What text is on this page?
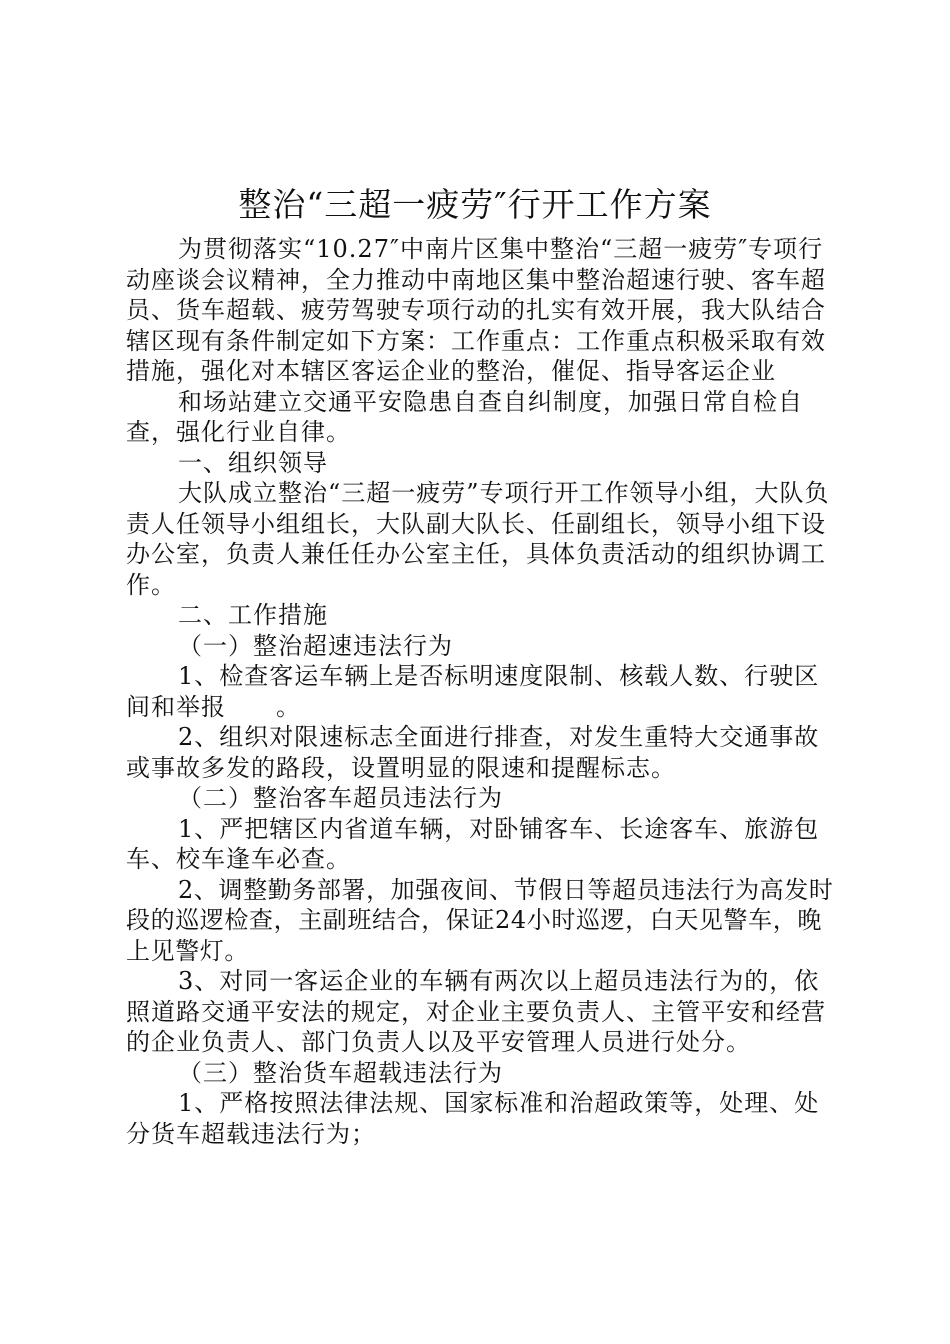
整治“三超一疲劳″行开工作方案

为贯彻落实“10.27″中南片区集中整治“三超一疲劳″专项行动座谈会议精神，全力推动中南地区集中整治超速行驶、客车超员、货车超载、疲劳驾驶专项行动的扎实有效开展，我大队结合辖区现有条件制定如下方案：工作重点：工作重点积极采取有效措施，强化对本辖区客运企业的整治，催促、指导客运企业

和场站建立交通平安隐患自查自纠制度，加强日常自检自查，强化行业自律。

一、组织领导

大队成立整治“三超一疲劳”专项行开工作领导小组，大队负责人任领导小组组长，大队副大队长、任副组长，领导小组下设办公室，负责人兼任任办公室主任，具体负责活动的组织协调工作。

二、工作措施

（一）整治超速违法行为

1、检查客运车辆上是否标明速度限制、核载人数、行驶区间和举报　　。

2、组织对限速标志全面进行排查，对发生重特大交通事故或事故多发的路段，设置明显的限速和提醒标志。

（二）整治客车超员违法行为

1、严把辖区内省道车辆，对卧铺客车、长途客车、旅游包车、校车逢车必查。

2、调整勤务部署，加强夜间、节假日等超员违法行为高发时段的巡逻检查，主副班结合，保证24小时巡逻，白天见警车，晚上见警灯。

3、对同一客运企业的车辆有两次以上超员违法行为的，依照道路交通平安法的规定，对企业主要负责人、主管平安和经营的企业负责人、部门负责人以及平安管理人员进行处分。

（三）整治货车超载违法行为

1、严格按照法律法规、国家标准和治超政策等，处理、处分货车超载违法行为；
